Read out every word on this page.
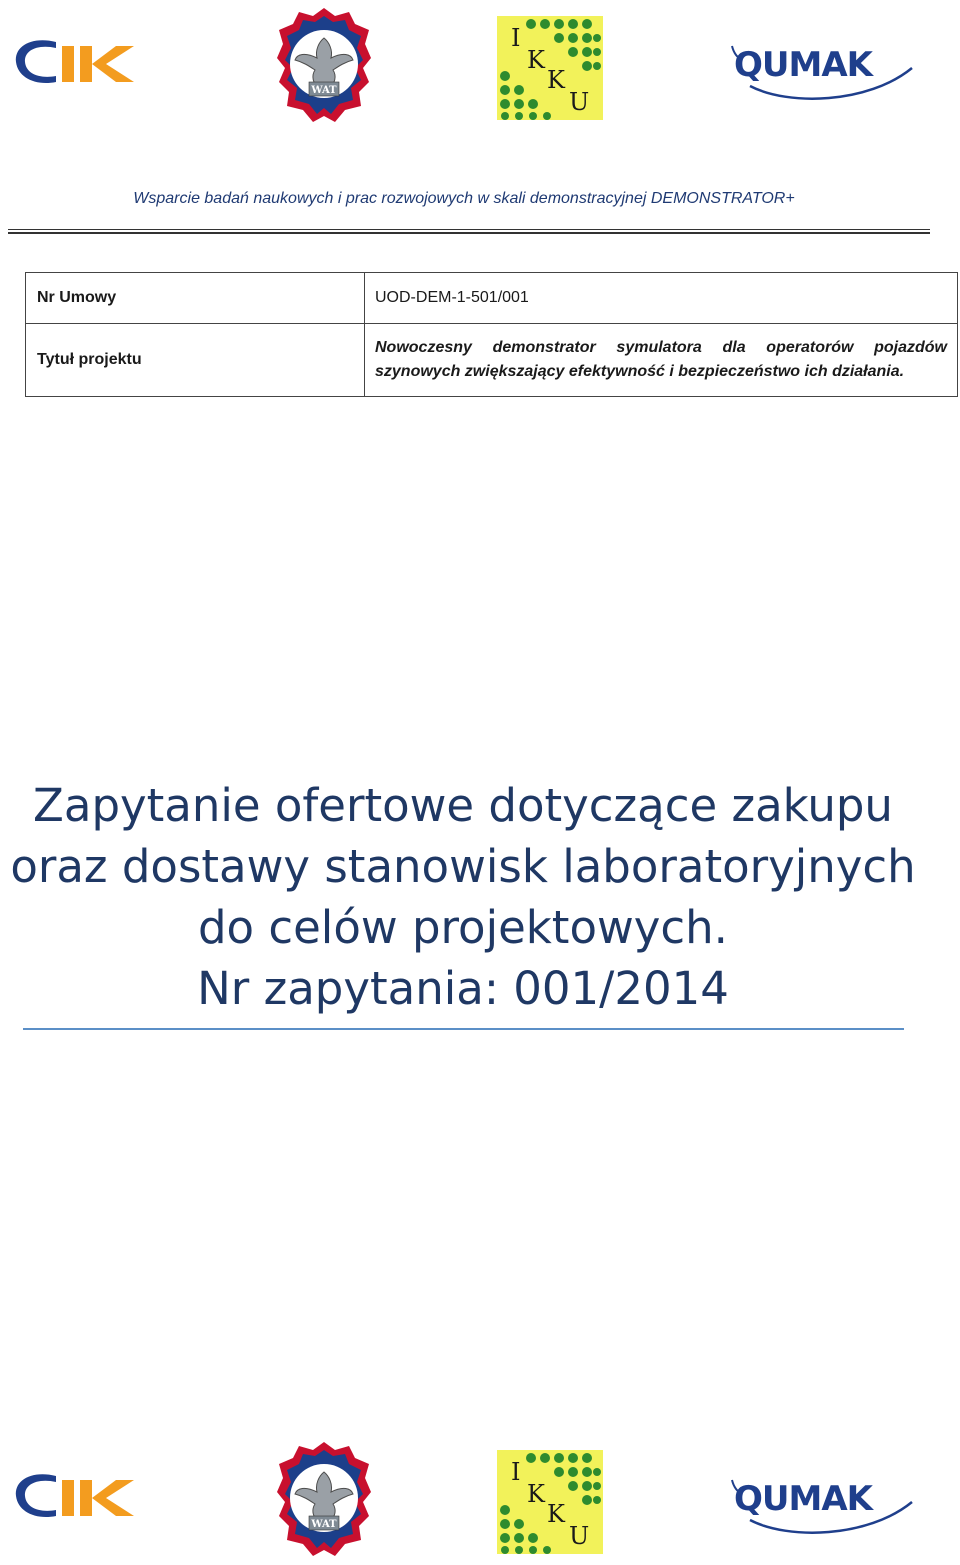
WAT
I
K
K
U
QUMAK
Wsparcie badań naukowych i prac rozwojowych w skali demonstracyjnej DEMONSTRATOR+
Nr Umowy	UOD-DEM-1-501/001
Tytuł projektu	Nowoczesny demonstrator symulatora dla operatorów pojazdów
szynowych zwiększający efektywność i bezpieczeństwo ich działania.
Zapytanie ofertowe dotyczące zakupu
oraz dostawy stanowisk laboratoryjnych
do celów projektowych.
Nr zapytania: 001/2014
WAT
I
K
K
U
QUMAK
